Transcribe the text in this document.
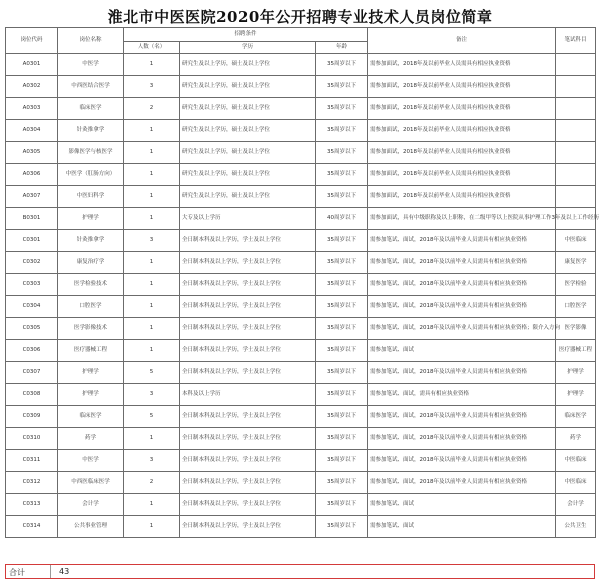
淮北市中医医院2020年公开招聘专业技术人员岗位简章
岗位代码	岗位名称	招聘条件			备注	笔试科目
		人数（名）	学历	年龄		
A0301	中医学	1	研究生及以上学历，硕士及以上学位	35周岁以下	需参加面试，2018年及以前毕业人员需具有相应执业资格	
A0302	中西医结合医学	3	研究生及以上学历，硕士及以上学位	35周岁以下	需参加面试，2018年及以前毕业人员需具有相应执业资格	
A0303	临床医学	2	研究生及以上学历，硕士及以上学位	35周岁以下	需参加面试，2018年及以前毕业人员需具有相应执业资格	
A0304	针灸推拿学	1	研究生及以上学历，硕士及以上学位	35周岁以下	需参加面试，2018年及以前毕业人员需具有相应执业资格	
A0305	影像医学与核医学	1	研究生及以上学历，硕士及以上学位	35周岁以下	需参加面试，2018年及以前毕业人员需具有相应执业资格	
A0306	中医学（肛肠方向）	1	研究生及以上学历，硕士及以上学位	35周岁以下	需参加面试，2018年及以前毕业人员需具有相应执业资格	
A0307	中医妇科学	1	研究生及以上学历，硕士及以上学位	35周岁以下	需参加面试，2018年及以前毕业人员需具有相应执业资格	
B0301	护理学	1	大专及以上学历	40周岁以下	需参加面试，具有中级职称及以上职称，在二级甲等以上医院从事护理工作3年及以上工作经历	
C0301	针灸推拿学	3	全日制本科及以上学历，学士及以上学位	35周岁以下	需参加笔试、面试，2018年及以前毕业人员需具有相应执业资格	中医临床
C0302	康复治疗学	1	全日制本科及以上学历，学士及以上学位	35周岁以下	需参加笔试、面试，2018年及以前毕业人员需具有相应执业资格	康复医学
C0303	医学检验技术	1	全日制本科及以上学历，学士及以上学位	35周岁以下	需参加笔试、面试，2018年及以前毕业人员需具有相应执业资格	医学检验
C0304	口腔医学	1	全日制本科及以上学历，学士及以上学位	35周岁以下	需参加笔试、面试，2018年及以前毕业人员需具有相应执业资格	口腔医学
C0305	医学影像技术	1	全日制本科及以上学历，学士及以上学位	35周岁以下	需参加笔试、面试，2018年及以前毕业人员需具有相应执业资格；限介入方向	医学影像
C0306	医疗器械工程	1	全日制本科及以上学历，学士及以上学位	35周岁以下	需参加笔试、面试	医疗器械工程
C0307	护理学	5	全日制本科及以上学历，学士及以上学位	35周岁以下	需参加笔试、面试，2018年及以前毕业人员需具有相应执业资格	护理学
C0308	护理学	3	本科及以上学历	35周岁以下	需参加笔试、面试，需具有相应执业资格	护理学
C0309	临床医学	5	全日制本科及以上学历，学士及以上学位	35周岁以下	需参加笔试、面试，2018年及以前毕业人员需具有相应执业资格	临床医学
C0310	药学	1	全日制本科及以上学历，学士及以上学位	35周岁以下	需参加笔试、面试，2018年及以前毕业人员需具有相应执业资格	药学
C0311	中医学	3	全日制本科及以上学历，学士及以上学位	35周岁以下	需参加笔试、面试，2018年及以前毕业人员需具有相应执业资格	中医临床
C0312	中西医临床医学	2	全日制本科及以上学历，学士及以上学位	35周岁以下	需参加笔试、面试，2018年及以前毕业人员需具有相应执业资格	中医临床
C0313	会计学	1	全日制本科及以上学历，学士及以上学位	35周岁以下	需参加笔试、面试	会计学
C0314	公共事业管理	1	全日制本科及以上学历，学士及以上学位	35周岁以下	需参加笔试、面试	公共卫生
合计	43
